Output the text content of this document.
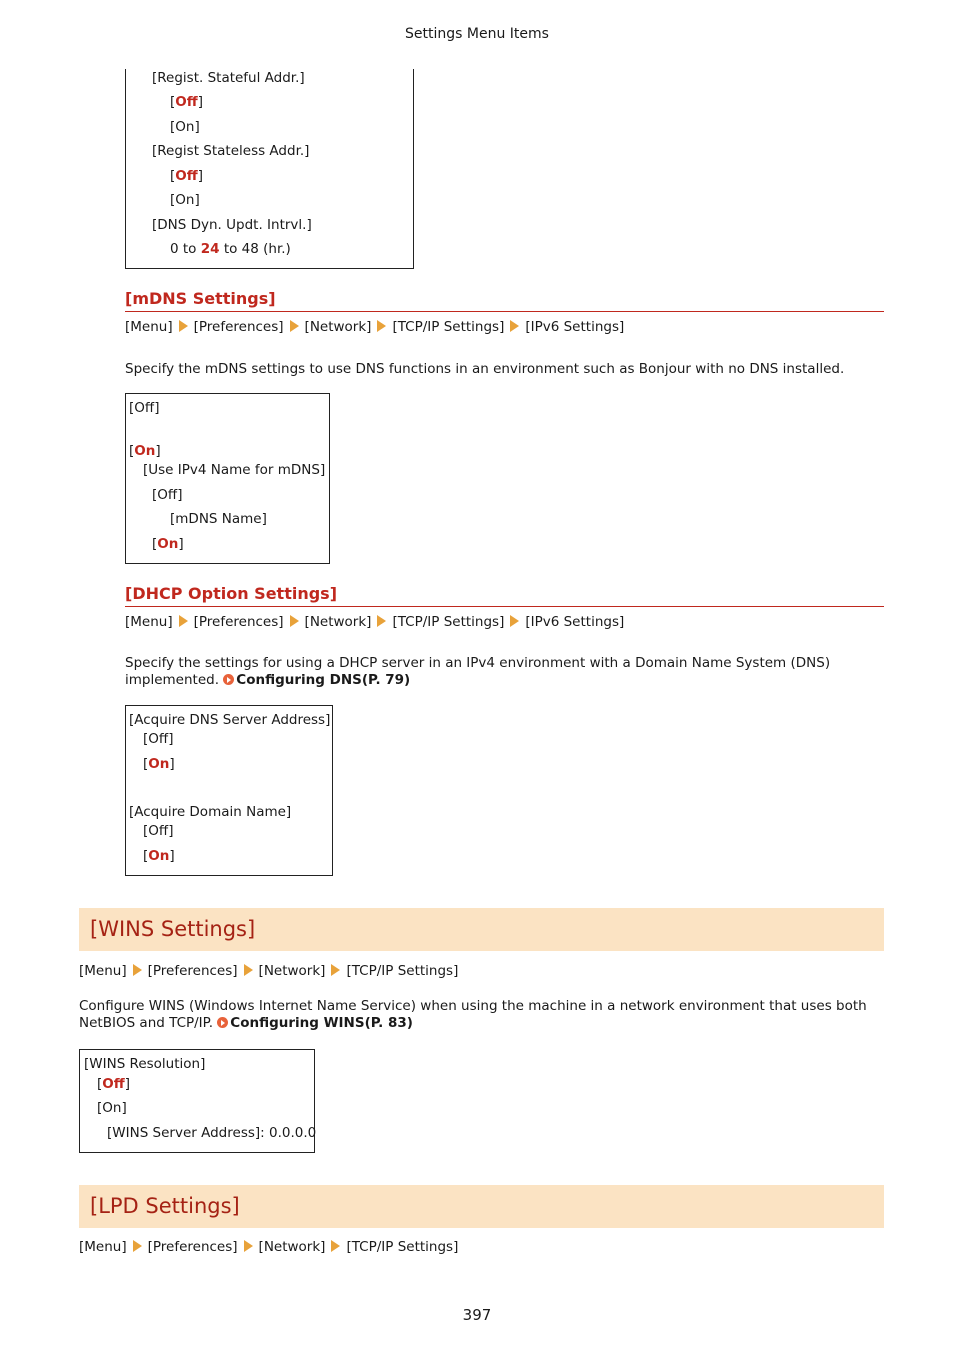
Settings Menu Items
[Regist. Stateful Addr.]
[Off]
[On]
[Regist Stateless Addr.]
[Off]
[On]
[DNS Dyn. Updt. Intrvl.]
0 to 24 to 48 (hr.)
[mDNS Settings]
[Menu] [Preferences] [Network] [TCP/IP Settings] [IPv6 Settings]
Specify the mDNS settings to use DNS functions in an environment such as Bonjour with no DNS installed.
[Off]
[On]
[Use IPv4 Name for mDNS]
[Off]
[mDNS Name]
[On]
[DHCP Option Settings]
[Menu] [Preferences] [Network] [TCP/IP Settings] [IPv6 Settings]
Specify the settings for using a DHCP server in an IPv4 environment with a Domain Name System (DNS)
implemented. Configuring DNS(P. 79)
[Acquire DNS Server Address]
[Off]
[On]
[Acquire Domain Name]
[Off]
[On]
[WINS Settings]
[Menu] [Preferences] [Network] [TCP/IP Settings]
Configure WINS (Windows Internet Name Service) when using the machine in a network environment that uses both
NetBIOS and TCP/IP. Configuring WINS(P. 83)
[WINS Resolution]
[Off]
[On]
[WINS Server Address]: 0.0.0.0
[LPD Settings]
[Menu] [Preferences] [Network] [TCP/IP Settings]
397
